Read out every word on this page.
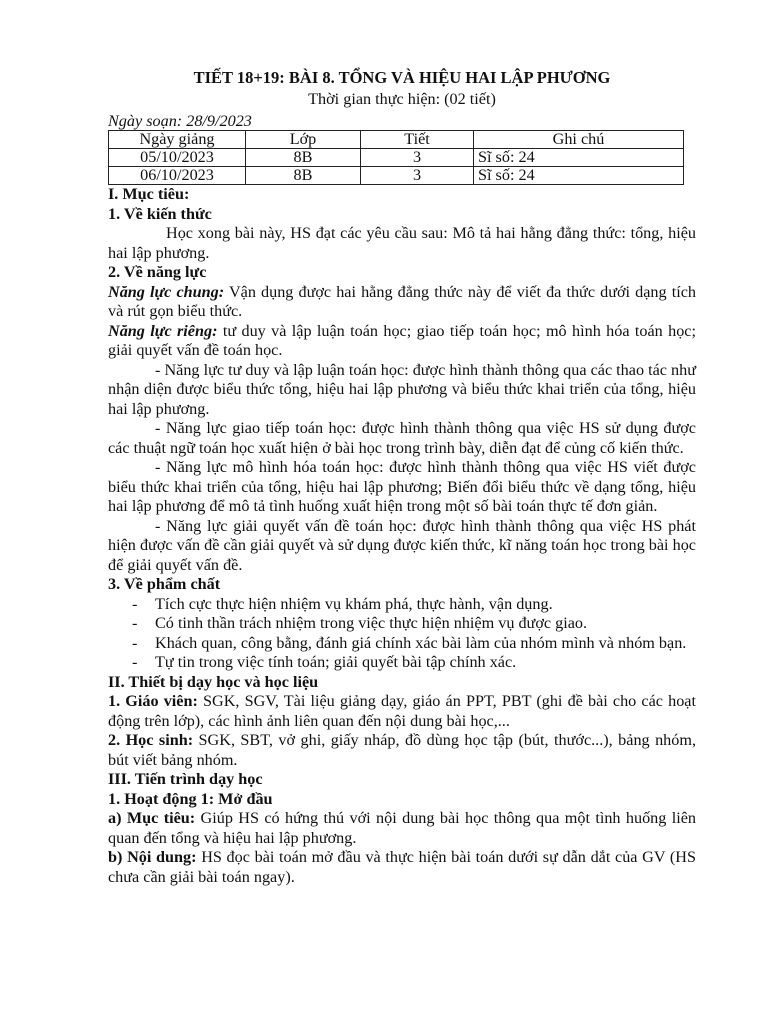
TIẾT 18+19: BÀI 8. TỔNG VÀ HIỆU HAI LẬP PHƯƠNG
Thời gian thực hiện: (02 tiết)
Ngày soạn: 28/9/2023
Ngày giảng	Lớp	Tiết	Ghi chú
05/10/2023	8B	3	Sĩ số: 24
06/10/2023	8B	3	Sĩ số: 24
I. Mục tiêu:
1. Về kiến thức
Học xong bài này, HS đạt các yêu cầu sau: Mô tả hai hằng đẳng thức: tổng, hiệu hai lập phương.
2. Về năng lực
Năng lực chung: Vận dụng được hai hằng đẳng thức này để viết đa thức dưới dạng tích và rút gọn biểu thức.
Năng lực riêng: tư duy và lập luận toán học; giao tiếp toán học; mô hình hóa toán học; giải quyết vấn đề toán học.
- Năng lực tư duy và lập luận toán học: được hình thành thông qua các thao tác như nhận diện được biểu thức tổng, hiệu hai lập phương và biểu thức khai triển của tổng, hiệu hai lập phương.
- Năng lực giao tiếp toán học: được hình thành thông qua việc HS sử dụng được các thuật ngữ toán học xuất hiện ở bài học trong trình bày, diễn đạt để củng cố kiến thức.
- Năng lực mô hình hóa toán học: được hình thành thông qua việc HS viết được biểu thức khai triển của tổng, hiệu hai lập phương; Biến đổi biểu thức về dạng tổng, hiệu hai lập phương để mô tả tình huống xuất hiện trong một số bài toán thực tế đơn giản.
- Năng lực giải quyết vấn đề toán học: được hình thành thông qua việc HS phát hiện được vấn đề cần giải quyết và sử dụng được kiến thức, kĩ năng toán học trong bài học để giải quyết vấn đề.
3. Về phẩm chất
- Tích cực thực hiện nhiệm vụ khám phá, thực hành, vận dụng.
- Có tinh thần trách nhiệm trong việc thực hiện nhiệm vụ được giao.
- Khách quan, công bằng, đánh giá chính xác bài làm của nhóm mình và nhóm bạn.
- Tự tin trong việc tính toán; giải quyết bài tập chính xác.
II. Thiết bị dạy học và học liệu
1. Giáo viên: SGK, SGV, Tài liệu giảng dạy, giáo án PPT, PBT (ghi đề bài cho các hoạt động trên lớp), các hình ảnh liên quan đến nội dung bài học,...
2. Học sinh: SGK, SBT, vở ghi, giấy nháp, đồ dùng học tập (bút, thước...), bảng nhóm, bút viết bảng nhóm.
III. Tiến trình dạy học
1. Hoạt động 1: Mở đầu
a) Mục tiêu: Giúp HS có hứng thú với nội dung bài học thông qua một tình huống liên quan đến tổng và hiệu hai lập phương.
b) Nội dung: HS đọc bài toán mở đầu và thực hiện bài toán dưới sự dẫn dắt của GV (HS chưa cần giải bài toán ngay).
